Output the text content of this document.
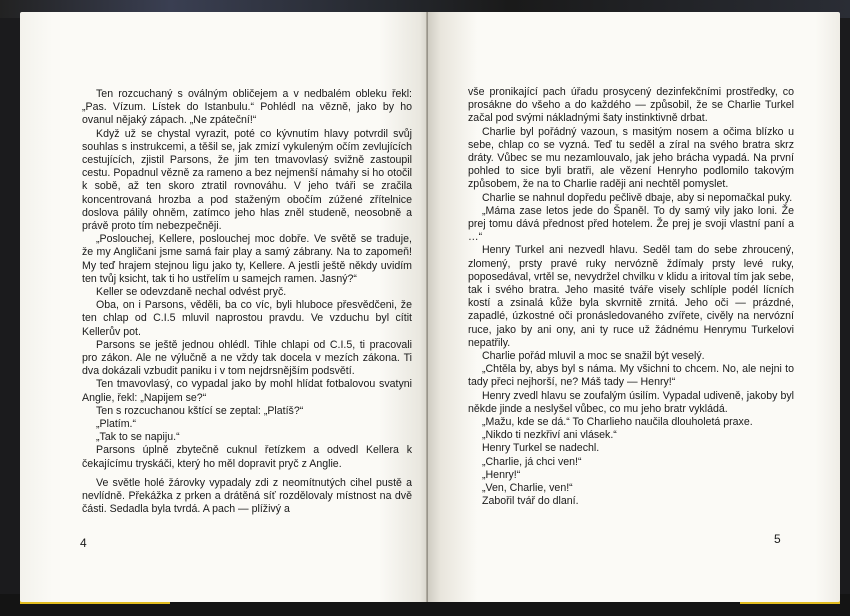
Ten rozcuchaný s oválným obličejem a v nedbalém obleku řekl: „Pas. Vízum. Lístek do Istanbulu.“ Pohlédl na vězně, jako by ho ovanul nějaký zápach. „Ne zpáteční!“

Když už se chystal vyrazit, poté co kývnutím hlavy potvrdil svůj souhlas s instrukcemi, a těšil se, jak zmizí vykuleným očím zevlujících cestujících, zjistil Parsons, že jim ten tmavovlasý svižně zastoupil cestu. Popadnul vězně za rameno a bez nejmenší námahy si ho otočil k sobě, až ten skoro ztratil rovnováhu. V jeho tváři se zračila koncentrovaná hrozba a pod staženým obočím zúžené zřítelnice doslova pálily ohněm, zatímco jeho hlas zněl studeně, neosobně a právě proto tím nebezpečněji.

„Poslouchej, Kellere, poslouchej moc dobře. Ve světě se traduje, že my Angličani jsme samá fair play a samý zábrany. Na to zapomeň! My teď hrajem stejnou ligu jako ty, Kellere. A jestli ještě někdy uvidím ten tvůj ksicht, tak ti ho ustřelím u samejch ramen. Jasný?“

Keller se odevzdaně nechal odvést pryč.

Oba, on i Parsons, věděli, ba co víc, byli hluboce přesvědčeni, že ten chlap od C.I.5 mluvil naprostou pravdu. Ve vzduchu byl cítit Kellerův pot.

Parsons se ještě jednou ohlédl. Tihle chlapi od C.I.5, ti pracovali pro zákon. Ale ne výlučně a ne vždy tak docela v mezích zákona. Ti dva dokázali vzbudit paniku i v tom nejdrsnějším podsvětí.

Ten tmavovlasý, co vypadal jako by mohl hlídat fotbalovou svatyni Anglie, řekl: „Napijem se?“

Ten s rozcuchanou kštící se zeptal: „Platíš?“

„Platím.“

„Tak to se napiju.“

Parsons úplně zbytečně cuknul řetízkem a odvedl Kellera k čekajícímu tryskáči, který ho měl dopravit pryč z Anglie.

Ve světle holé žárovky vypadaly zdi z neomítnutých cihel pustě a nevlídně. Překážka z prken a drátěná síť rozdělovaly místnost na dvě části. Sedadla byla tvrdá. A pach — plíživý a

4

vše pronikající pach úřadu prosycený dezinfekčními prostředky, co prosákne do všeho a do každého — způsobil, že se Charlie Turkel začal pod svými nákladnými šaty instinktivně drbat.

Charlie byl pořádný vazoun, s masitým nosem a očima blízko u sebe, chlap co se vyzná. Teď tu seděl a zíral na svého bratra skrz dráty. Vůbec se mu nezamlouvalo, jak jeho brácha vypadá. Na první pohled to sice byli bratři, ale vězení Henryho podlomilo takovým způsobem, že na to Charlie raději ani nechtěl pomyslet.

Charlie se nahnul dopředu pečlivě dbaje, aby si nepomačkal puky.

„Máma zase letos jede do Španěl. To dy samý vily jako loni. Že prej tomu dává přednost před hotelem. Že prej je svoji vlastní paní a …“

Henry Turkel ani nezvedl hlavu. Seděl tam do sebe zhroucený, zlomený, prsty pravé ruky nervózně ždímaly prsty levé ruky, poposedával, vrtěl se, nevydržel chvilku v klidu a iritoval tím jak sebe, tak i svého bratra. Jeho masité tváře visely schlíple podél lícních kostí a zsinalá kůže byla skvrnitě zrnitá. Jeho oči — prázdné, zapadlé, úzkostné oči pronásledovaného zvířete, civěly na nervózní ruce, jako by ani ony, ani ty ruce už žádnému Henrymu Turkelovi nepatřily.

Charlie pořád mluvil a moc se snažil být veselý.

„Chtěla by, abys byl s náma. My všichni to chcem. No, ale nejni to tady přeci nejhorší, ne? Máš tady — Henry!“

Henry zvedl hlavu se zoufalým úsilím. Vypadal udiveně, jakoby byl někde jinde a neslyšel vůbec, co mu jeho bratr vykládá.

„Mažu, kde se dá.“ To Charlieho naučila dlouholetá praxe.

„Nikdo ti nezkřiví ani vlásek.“

Henry Turkel se nadechl.

„Charlie, já chci ven!“

„Henry!“

„Ven, Charlie, ven!“

Zabořil tvář do dlaní.

5
